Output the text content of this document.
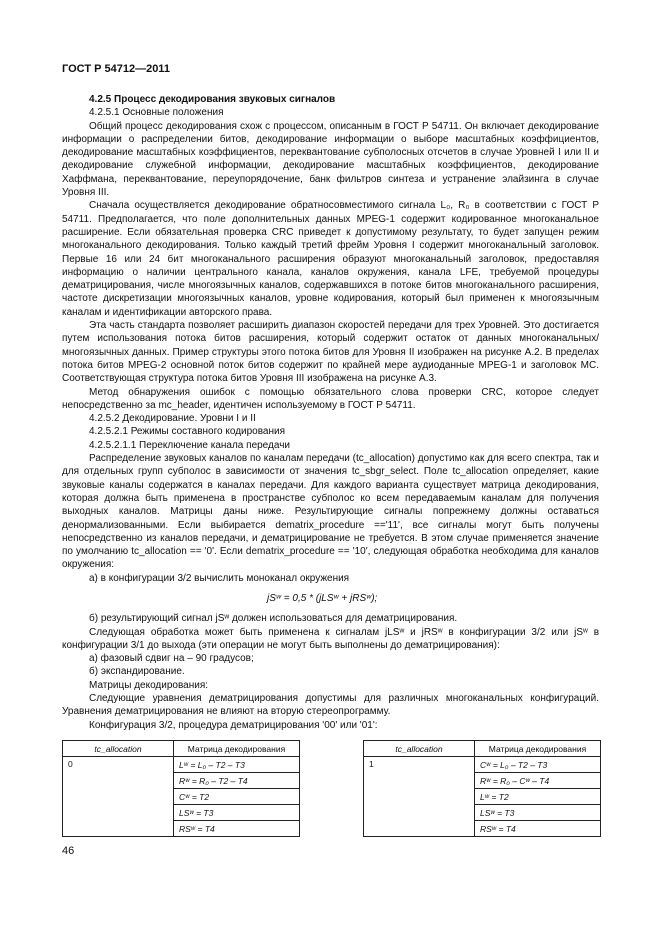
ГОСТ Р 54712—2011

4.2.5 Процесс декодирования звуковых сигналов

4.2.5.1 Основные положения

Общий процесс декодирования схож с процессом, описанным в ГОСТ Р 54711. Он включает декодирование информации о распределении битов, декодирование информации о выборе масштабных коэффициентов, декодирование масштабных коэффициентов, переквантование субполосных отсчетов в случае Уровней I или II и декодирование служебной информации, декодирование масштабных коэффициентов, декодирование Хаффмана, переквантование, переупорядочение, банк фильтров синтеза и устранение элайзинга в случае Уровня III.

Сначала осуществляется декодирование обратносовместимого сигнала L₀, R₀ в соответствии с ГОСТ Р 54711. Предполагается, что поле дополнительных данных MPEG-1 содержит кодированное многоканальное расширение. Если обязательная проверка CRC приведет к допустимому результату, то будет запущен режим многоканального декодирования. Только каждый третий фрейм Уровня I содержит многоканальный заголовок. Первые 16 или 24 бит многоканального расширения образуют многоканальный заголовок, предоставляя информацию о наличии центрального канала, каналов окружения, канала LFE, требуемой процедуры дематрицирования, числе многоязычных каналов, содержавшихся в потоке битов многоканального расширения, частоте дискретизации многоязычных каналов, уровне кодирования, который был применен к многоязычным каналам и идентификации авторского права.

Эта часть стандарта позволяет расширить диапазон скоростей передачи для трех Уровней. Это достигается путем использования потока битов расширения, который содержит остаток от данных многоканальных/многоязычных данных. Пример структуры этого потока битов для Уровня II изображен на рисунке А.2. В пределах потока битов MPEG-2 основной поток битов содержит по крайней мере аудиоданные MPEG-1 и заголовок МС. Соответствующая структура потока битов Уровня III изображена на рисунке А.3.

Метод обнаружения ошибок с помощью обязательного слова проверки CRC, которое следует непосредственно за mc_header, идентичен используемому в ГОСТ Р 54711.

4.2.5.2 Декодирование. Уровни I и II

4.2.5.2.1 Режимы составного кодирования

4.2.5.2.1.1 Переключение канала передачи

Распределение звуковых каналов по каналам передачи (tc_allocation) допустимо как для всего спектра, так и для отдельных групп субполос в зависимости от значения tc_sbgr_select. Поле tc_allocation определяет, какие звуковые каналы содержатся в каналах передачи. Для каждого варианта существует матрица декодирования, которая должна быть применена в пространстве субполос ко всем передаваемым каналам для получения выходных каналов. Матрицы даны ниже. Результирующие сигналы попрежнему должны оставаться денормализованными. Если выбирается dematrix_procedure =='11', все сигналы могут быть получены непосредственно из каналов передачи, и дематрицирование не требуется. В этом случае применяется значение по умолчанию tc_allocation == '0'. Если dematrix_procedure == '10', следующая обработка необходима для каналов окружения:

а) в конфигурации 3/2 вычислить моноканал окружения

jSʷ = 0,5 * (jLSʷ + jRSʷ);

б) результирующий сигнал jSʷ должен использоваться для дематрицирования.

Следующая обработка может быть применена к сигналам jLSʷ и jRSʷ в конфигурации 3/2 или jSʷ в конфигурации 3/1 до выхода (эти операции не могут быть выполнены до дематрицирования):

а) фазовый сдвиг на – 90 градусов;

б) экспандирование.

Матрицы декодирования:

Следующие уравнения дематрицирования допустимы для различных многоканальных конфигураций. Уравнения дематрицирования не влияют на вторую стереопрограмму.

Конфигурация 3/2, процедура дематрицирования '00' или '01':

tc_allocation	Матрица декодирования
0	Lʷ = L₀ – T2 – T3
	Rʷ = R₀ – T2 – T4
	Cʷ = T2
	LSʷ = T3
	RSʷ = T4
tc_allocation	Матрица декодирования
1	Cʷ = L₀ – T2 – T3
	Rʷ = R₀ – Cʷ – T4
	Lʷ = T2
	LSʷ = T3
	RSʷ = T4
46
